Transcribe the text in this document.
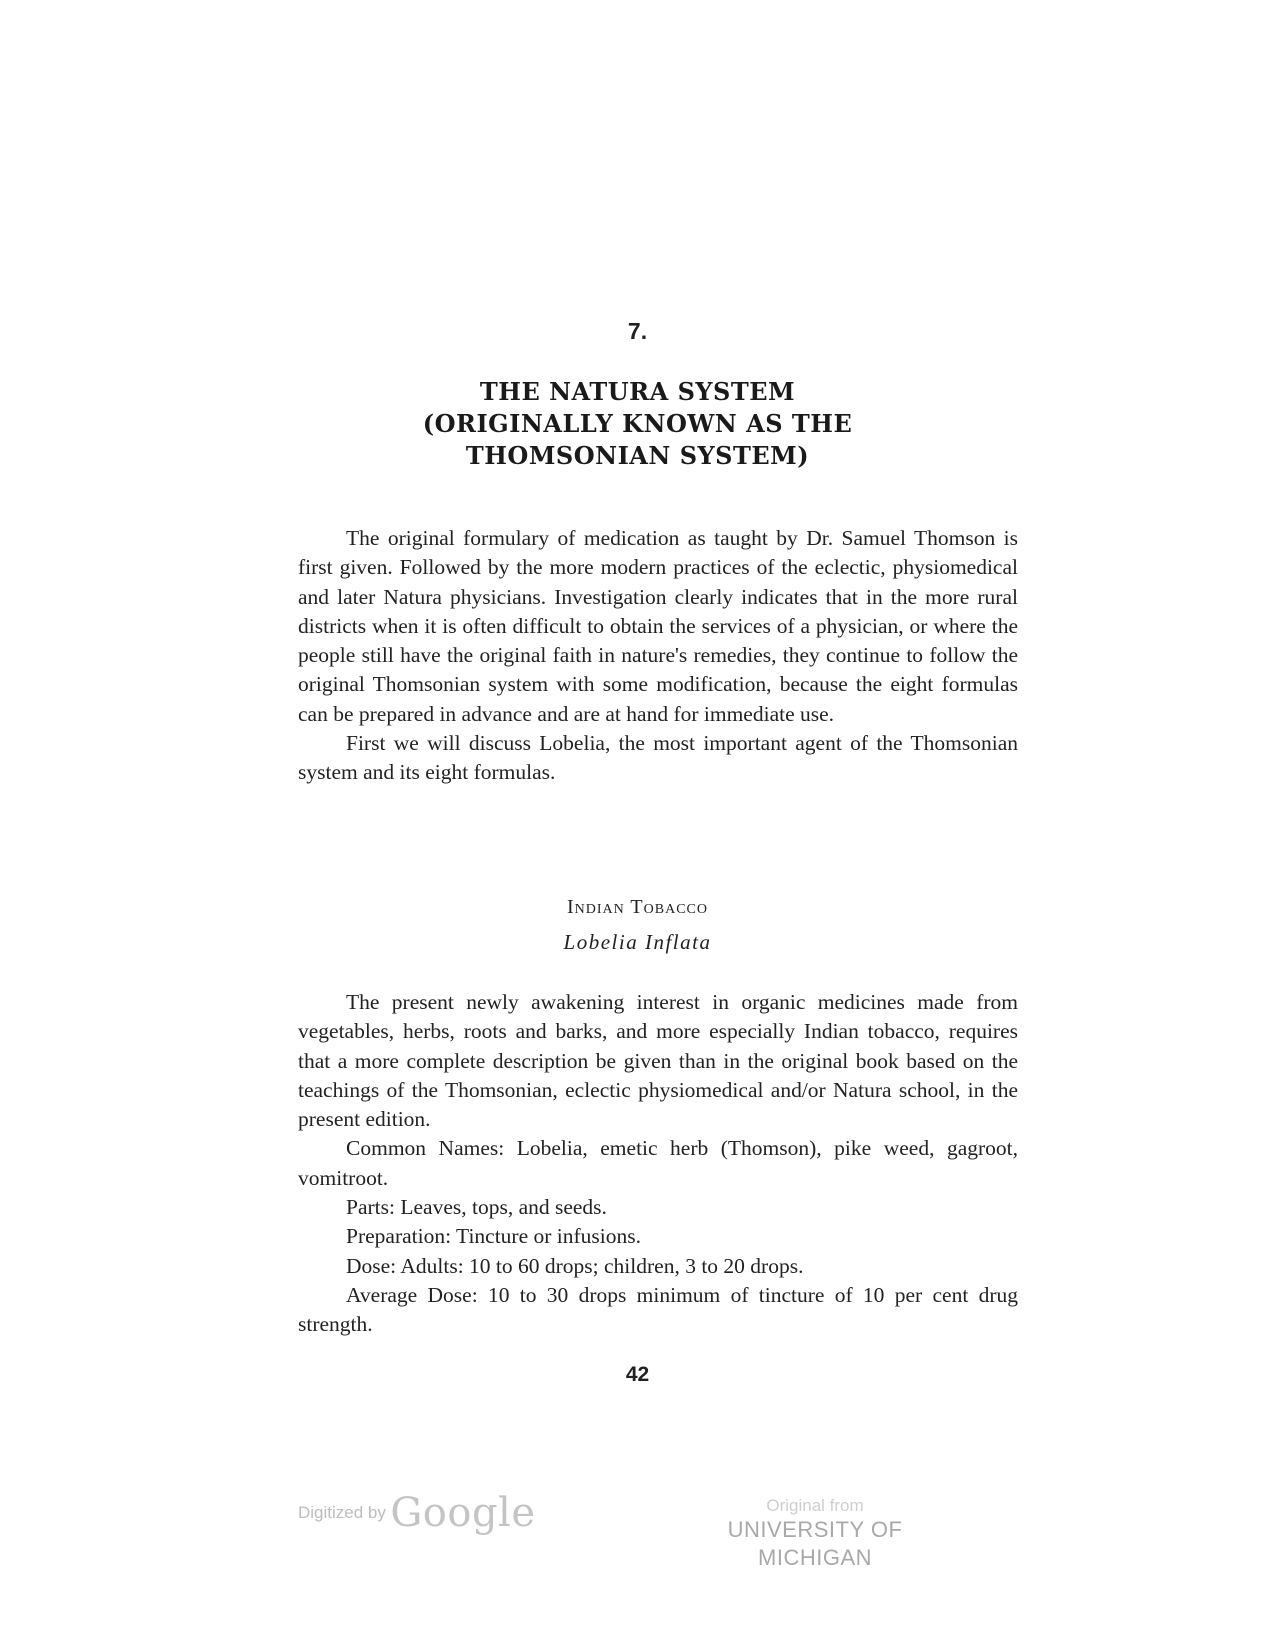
7.
THE NATURA SYSTEM
(ORIGINALLY KNOWN AS THE
THOMSONIAN SYSTEM)

The original formulary of medication as taught by Dr. Samuel Thomson is first given. Followed by the more modern practices of the eclectic, physiomedical and later Natura physicians. Investigation clearly indicates that in the more rural districts when it is often difficult to obtain the services of a physician, or where the people still have the original faith in nature's remedies, they continue to follow the original Thomsonian system with some modification, because the eight formulas can be prepared in advance and are at hand for immediate use.

First we will discuss Lobelia, the most important agent of the Thomsonian system and its eight formulas.

Indian Tobacco
Lobelia Inflata

The present newly awakening interest in organic medicines made from vegetables, herbs, roots and barks, and more especially Indian tobacco, requires that a more complete description be given than in the original book based on the teachings of the Thomsonian, eclectic physiomedical and/or Natura school, in the present edition.

Common Names: Lobelia, emetic herb (Thomson), pike weed, gagroot, vomitroot.

Parts: Leaves, tops, and seeds.

Preparation: Tincture or infusions.

Dose: Adults: 10 to 60 drops; children, 3 to 20 drops.

Average Dose: 10 to 30 drops minimum of tincture of 10 per cent drug strength.

42
Digitized by Google	Original from
UNIVERSITY OF MICHIGAN
